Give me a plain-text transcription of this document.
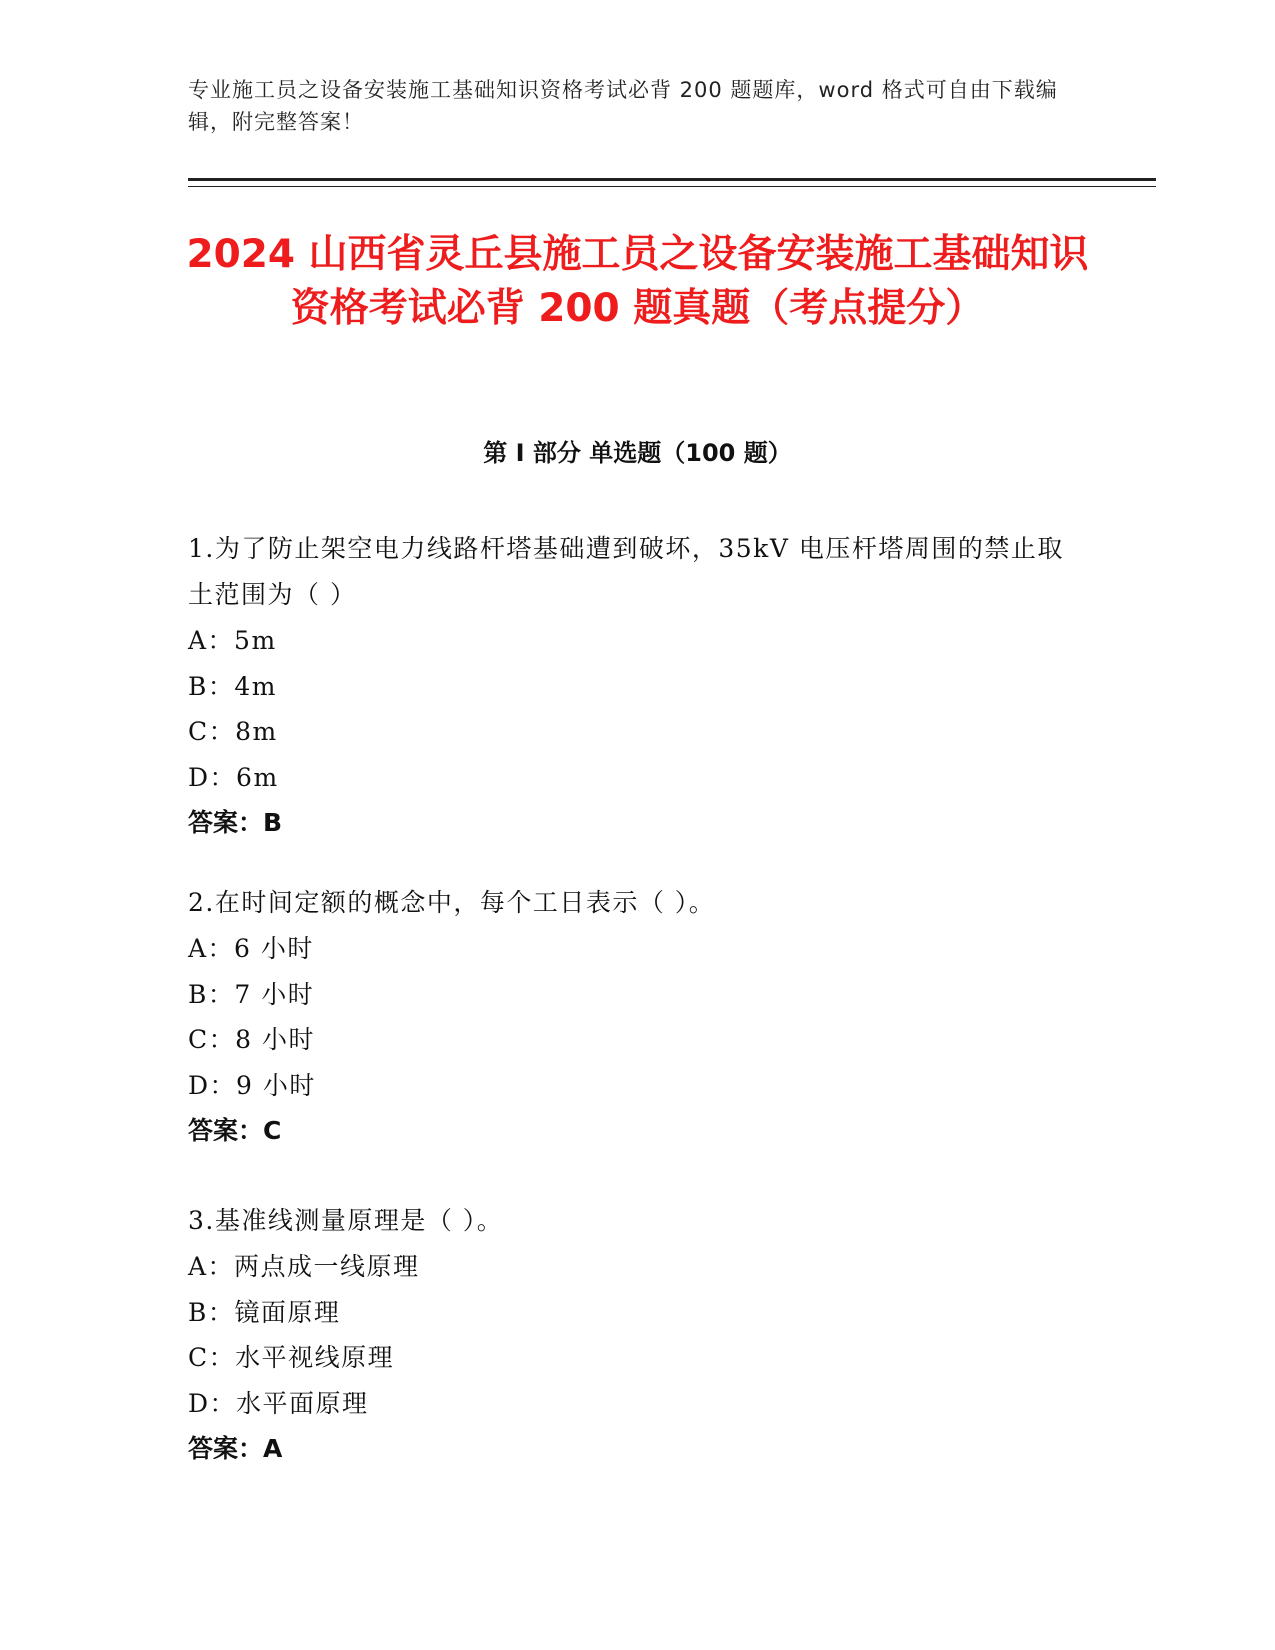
专业施工员之设备安装施工基础知识资格考试必背 200 题题库，word 格式可自由下载编辑，附完整答案！
2024 山西省灵丘县施工员之设备安装施工基础知识资格考试必背 200 题真题（考点提分）
第 I 部分 单选题（100 题）

1.为了防止架空电力线路杆塔基础遭到破坏，35kV 电压杆塔周围的禁止取土范围为（ ）

A：5m

B：4m

C：8m

D：6m

答案：B

2.在时间定额的概念中，每个工日表示（ ）。

A：6 小时

B：7 小时

C：8 小时

D：9 小时

答案：C

3.基准线测量原理是（ ）。

A：两点成一线原理

B：镜面原理

C：水平视线原理

D：水平面原理

答案：A
